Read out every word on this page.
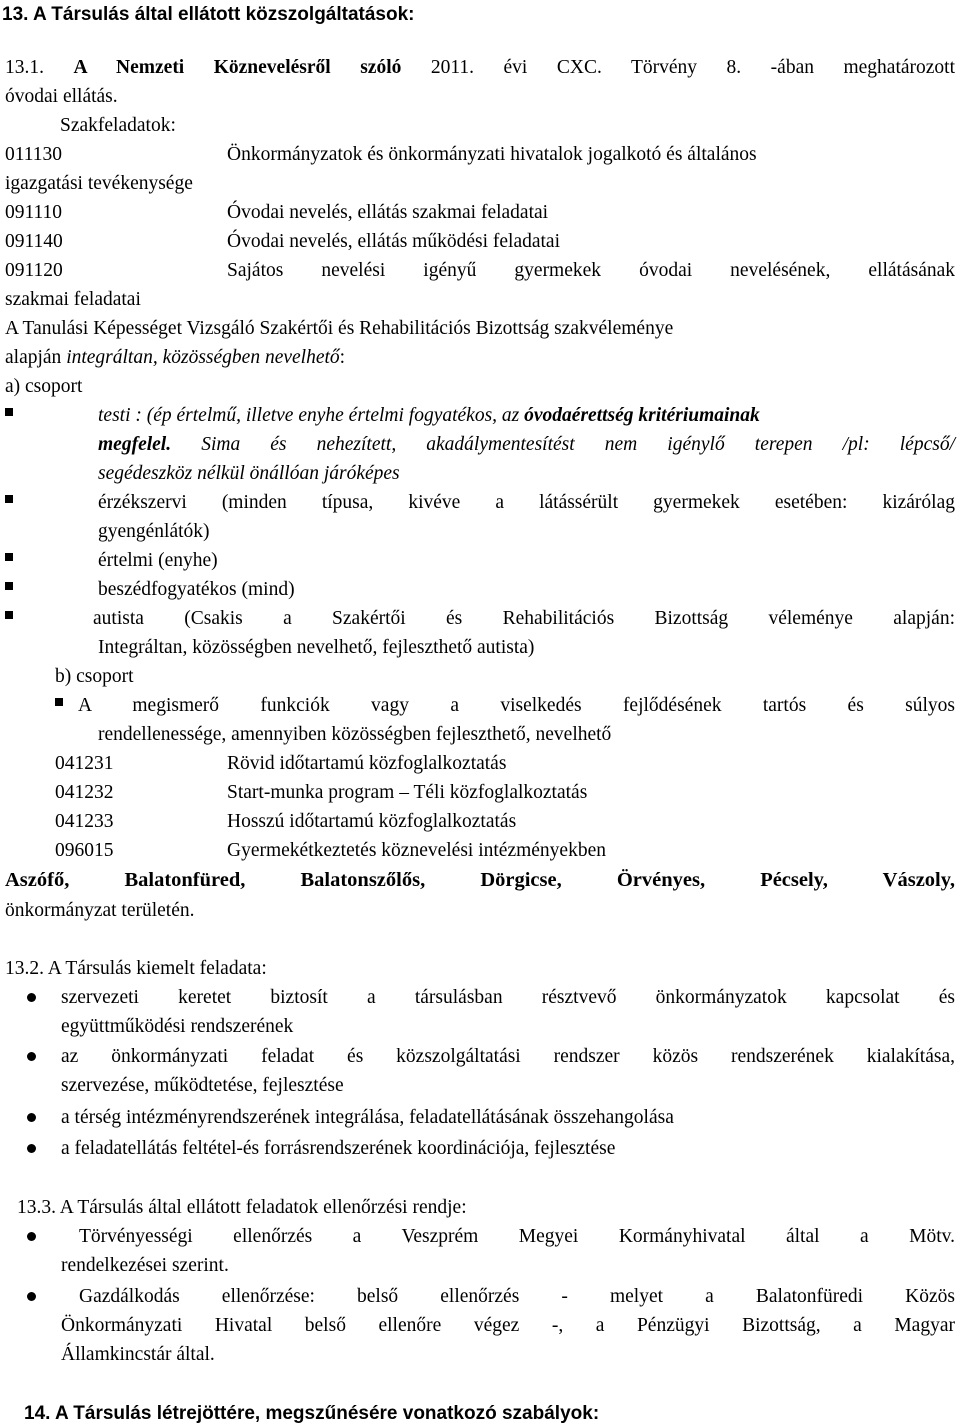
13. A Társulás által ellátott közszolgáltatások:
13.1. A Nemzeti Köznevelésről szóló 2011. évi CXC. Törvény 8. -ában meghatározott
óvodai ellátás.
Szakfeladatok:
011130	Önkormányzatok és önkormányzati hivatalok jogalkotó és általános
igazgatási tevékenysége
091110	Óvodai nevelés, ellátás szakmai feladatai
091140	Óvodai nevelés, ellátás működési feladatai
091120	Sajátos nevelési igényű gyermekek óvodai nevelésének, ellátásának
szakmai feladatai
A Tanulási Képességet Vizsgáló Szakértői és Rehabilitációs Bizottság szakvéleménye
alapján integráltan, közösségben nevelhető:
a) csoport
testi : (ép értelmű, illetve enyhe értelmi fogyatékos, az óvodaérettség kritériumainak
megfelel. Sima és nehezített, akadálymentesítést nem igénylő terepen /pl: lépcső/
segédeszköz nélkül önállóan járóképes
érzékszervi (minden típusa, kivéve a látássérült gyermekek esetében: kizárólag
gyengénlátók)
értelmi (enyhe)
beszédfogyatékos (mind)
autista (Csakis a Szakértői és Rehabilitációs Bizottság véleménye alapján:
Integráltan, közösségben nevelhető, fejleszthető autista)
b) csoport
A megismerő funkciók vagy a viselkedés fejlődésének tartós és súlyos
rendellenessége, amennyiben közösségben fejleszthető, nevelhető
041231	Rövid időtartamú közfoglalkoztatás
041232	Start-munka program – Téli közfoglalkoztatás
041233	Hosszú időtartamú közfoglalkoztatás
096015	Gyermekétkeztetés köznevelési intézményekben
Aszófő, Balatonfüred, Balatonszőlős, Dörgicse, Örvényes, Pécsely, Vászoly,
önkormányzat területén.
13.2. A Társulás kiemelt feladata:
szervezeti keretet biztosít a társulásban résztvevő önkormányzatok kapcsolat és
együttműködési rendszerének
az önkormányzati feladat és közszolgáltatási rendszer közös rendszerének kialakítása,
szervezése, működtetése, fejlesztése
a térség intézményrendszerének integrálása, feladatellátásának összehangolása
a feladatellátás feltétel-és forrásrendszerének koordinációja, fejlesztése
13.3. A Társulás által ellátott feladatok ellenőrzési rendje:
Törvényességi ellenőrzés a Veszprém Megyei Kormányhivatal által a Mötv.
rendelkezései szerint.
Gazdálkodás ellenőrzése: belső ellenőrzés - melyet a Balatonfüredi Közös
Önkormányzati Hivatal belső ellenőre végez -, a Pénzügyi Bizottság, a Magyar
Államkincstár által.
14. A Társulás létrejöttére, megszűnésére vonatkozó szabályok:
